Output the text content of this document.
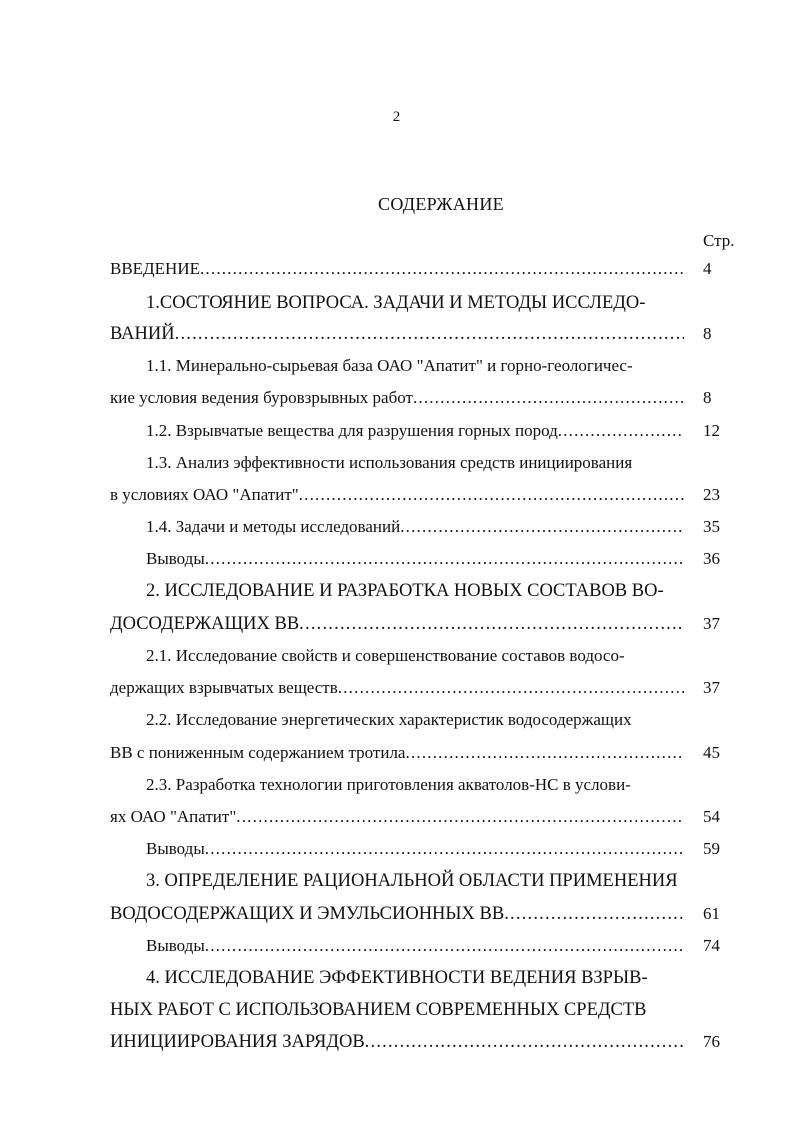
2
СОДЕРЖАНИЕ
Стр.
ВВЕДЕНИЕ .....	4
1.СОСТОЯНИЕ ВОПРОСА. ЗАДАЧИ И МЕТОДЫ ИССЛЕДО-
ВАНИЙ .....	8
1.1. Минерально-сырьевая база ОАО "Апатит" и горно-геологичес-
кие условия ведения буровзрывных работ .....	8
1.2. Взрывчатые вещества для разрушения горных пород .....	12
1.3. Анализ эффективности использования средств инициирования
в условиях ОАО "Апатит" .....	23
1.4. Задачи и методы исследований .....	35
Выводы .....	36
2. ИССЛЕДОВАНИЕ И РАЗРАБОТКА НОВЫХ СОСТАВОВ ВО-
ДОСОДЕРЖАЩИХ ВВ .....	37
2.1. Исследование свойств и совершенствование составов водосо-
держащих взрывчатых веществ .....	37
2.2. Исследование энергетических характеристик водосодержащих
ВВ с пониженным содержанием тротила .....	45
2.3. Разработка технологии приготовления акватолов-НС в услови-
ях ОАО "Апатит" .....	54
Выводы .....	59
3. ОПРЕДЕЛЕНИЕ РАЦИОНАЛЬНОЙ ОБЛАСТИ ПРИМЕНЕНИЯ
ВОДОСОДЕРЖАЩИХ И ЭМУЛЬСИОННЫХ ВВ .....	61
Выводы .....	74
4. ИССЛЕДОВАНИЕ ЭФФЕКТИВНОСТИ ВЕДЕНИЯ ВЗРЫВ-
НЫХ РАБОТ С ИСПОЛЬЗОВАНИЕМ СОВРЕМЕННЫХ СРЕДСТВ
ИНИЦИИРОВАНИЯ ЗАРЯДОВ .....	76
